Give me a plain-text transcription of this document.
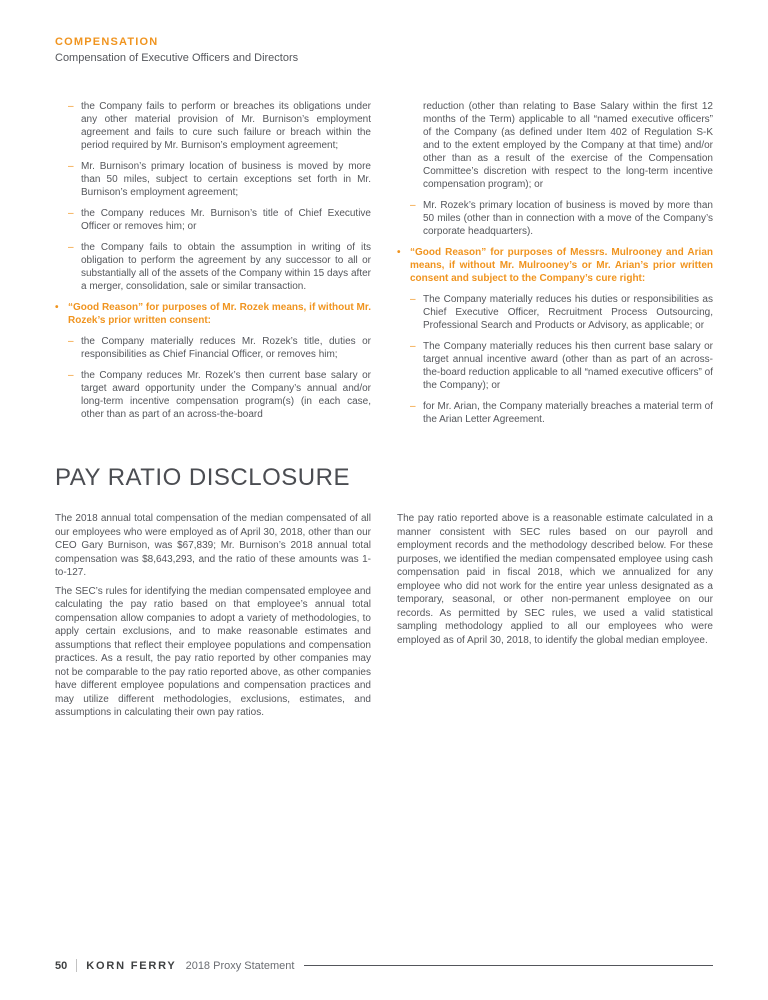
COMPENSATION
Compensation of Executive Officers and Directors
– the Company fails to perform or breaches its obligations under any other material provision of Mr. Burnison’s employment agreement and fails to cure such failure or breach within the period required by Mr. Burnison’s employment agreement;
– Mr. Burnison’s primary location of business is moved by more than 50 miles, subject to certain exceptions set forth in Mr. Burnison’s employment agreement;
– the Company reduces Mr. Burnison’s title of Chief Executive Officer or removes him; or
– the Company fails to obtain the assumption in writing of its obligation to perform the agreement by any successor to all or substantially all of the assets of the Company within 15 days after a merger, consolidation, sale or similar transaction.
• “Good Reason” for purposes of Mr. Rozek means, if without Mr. Rozek’s prior written consent:
– the Company materially reduces Mr. Rozek’s title, duties or responsibilities as Chief Financial Officer, or removes him;
– the Company reduces Mr. Rozek’s then current base salary or target award opportunity under the Company’s annual and/or long-term incentive compensation program(s) (in each case, other than as part of an across-the-board
reduction (other than relating to Base Salary within the first 12 months of the Term) applicable to all “named executive officers” of the Company (as defined under Item 402 of Regulation S-K and to the extent employed by the Company at that time) and/or other than as a result of the exercise of the Compensation Committee’s discretion with respect to the long-term incentive compensation program); or
– Mr. Rozek’s primary location of business is moved by more than 50 miles (other than in connection with a move of the Company’s corporate headquarters).
• “Good Reason” for purposes of Messrs. Mulrooney and Arian means, if without Mr. Mulrooney’s or Mr. Arian’s prior written consent and subject to the Company’s cure right:
– The Company materially reduces his duties or responsibilities as Chief Executive Officer, Recruitment Process Outsourcing, Professional Search and Products or Advisory, as applicable; or
– The Company materially reduces his then current base salary or target annual incentive award (other than as part of an across-the-board reduction applicable to all “named executive officers” of the Company); or
– for Mr. Arian, the Company materially breaches a material term of the Arian Letter Agreement.
PAY RATIO DISCLOSURE

The 2018 annual total compensation of the median compensated of all our employees who were employed as of April 30, 2018, other than our CEO Gary Burnison, was $67,839; Mr. Burnison’s 2018 annual total compensation was $8,643,293, and the ratio of these amounts was 1-to-127.

The SEC’s rules for identifying the median compensated employee and calculating the pay ratio based on that employee’s annual total compensation allow companies to adopt a variety of methodologies, to apply certain exclusions, and to make reasonable estimates and assumptions that reflect their employee populations and compensation practices. As a result, the pay ratio reported by other companies may not be comparable to the pay ratio reported above, as other companies have different employee populations and compensation practices and may utilize different methodologies, exclusions, estimates, and assumptions in calculating their own pay ratios.

The pay ratio reported above is a reasonable estimate calculated in a manner consistent with SEC rules based on our payroll and employment records and the methodology described below. For these purposes, we identified the median compensated employee using cash compensation paid in fiscal 2018, which we annualized for any employee who did not work for the entire year unless designated as a temporary, seasonal, or other non-permanent employee on our records. As permitted by SEC rules, we used a valid statistical sampling methodology applied to all our employees who were employed as of April 30, 2018, to identify the global median employee.

50 KORN FERRY 2018 Proxy Statement
